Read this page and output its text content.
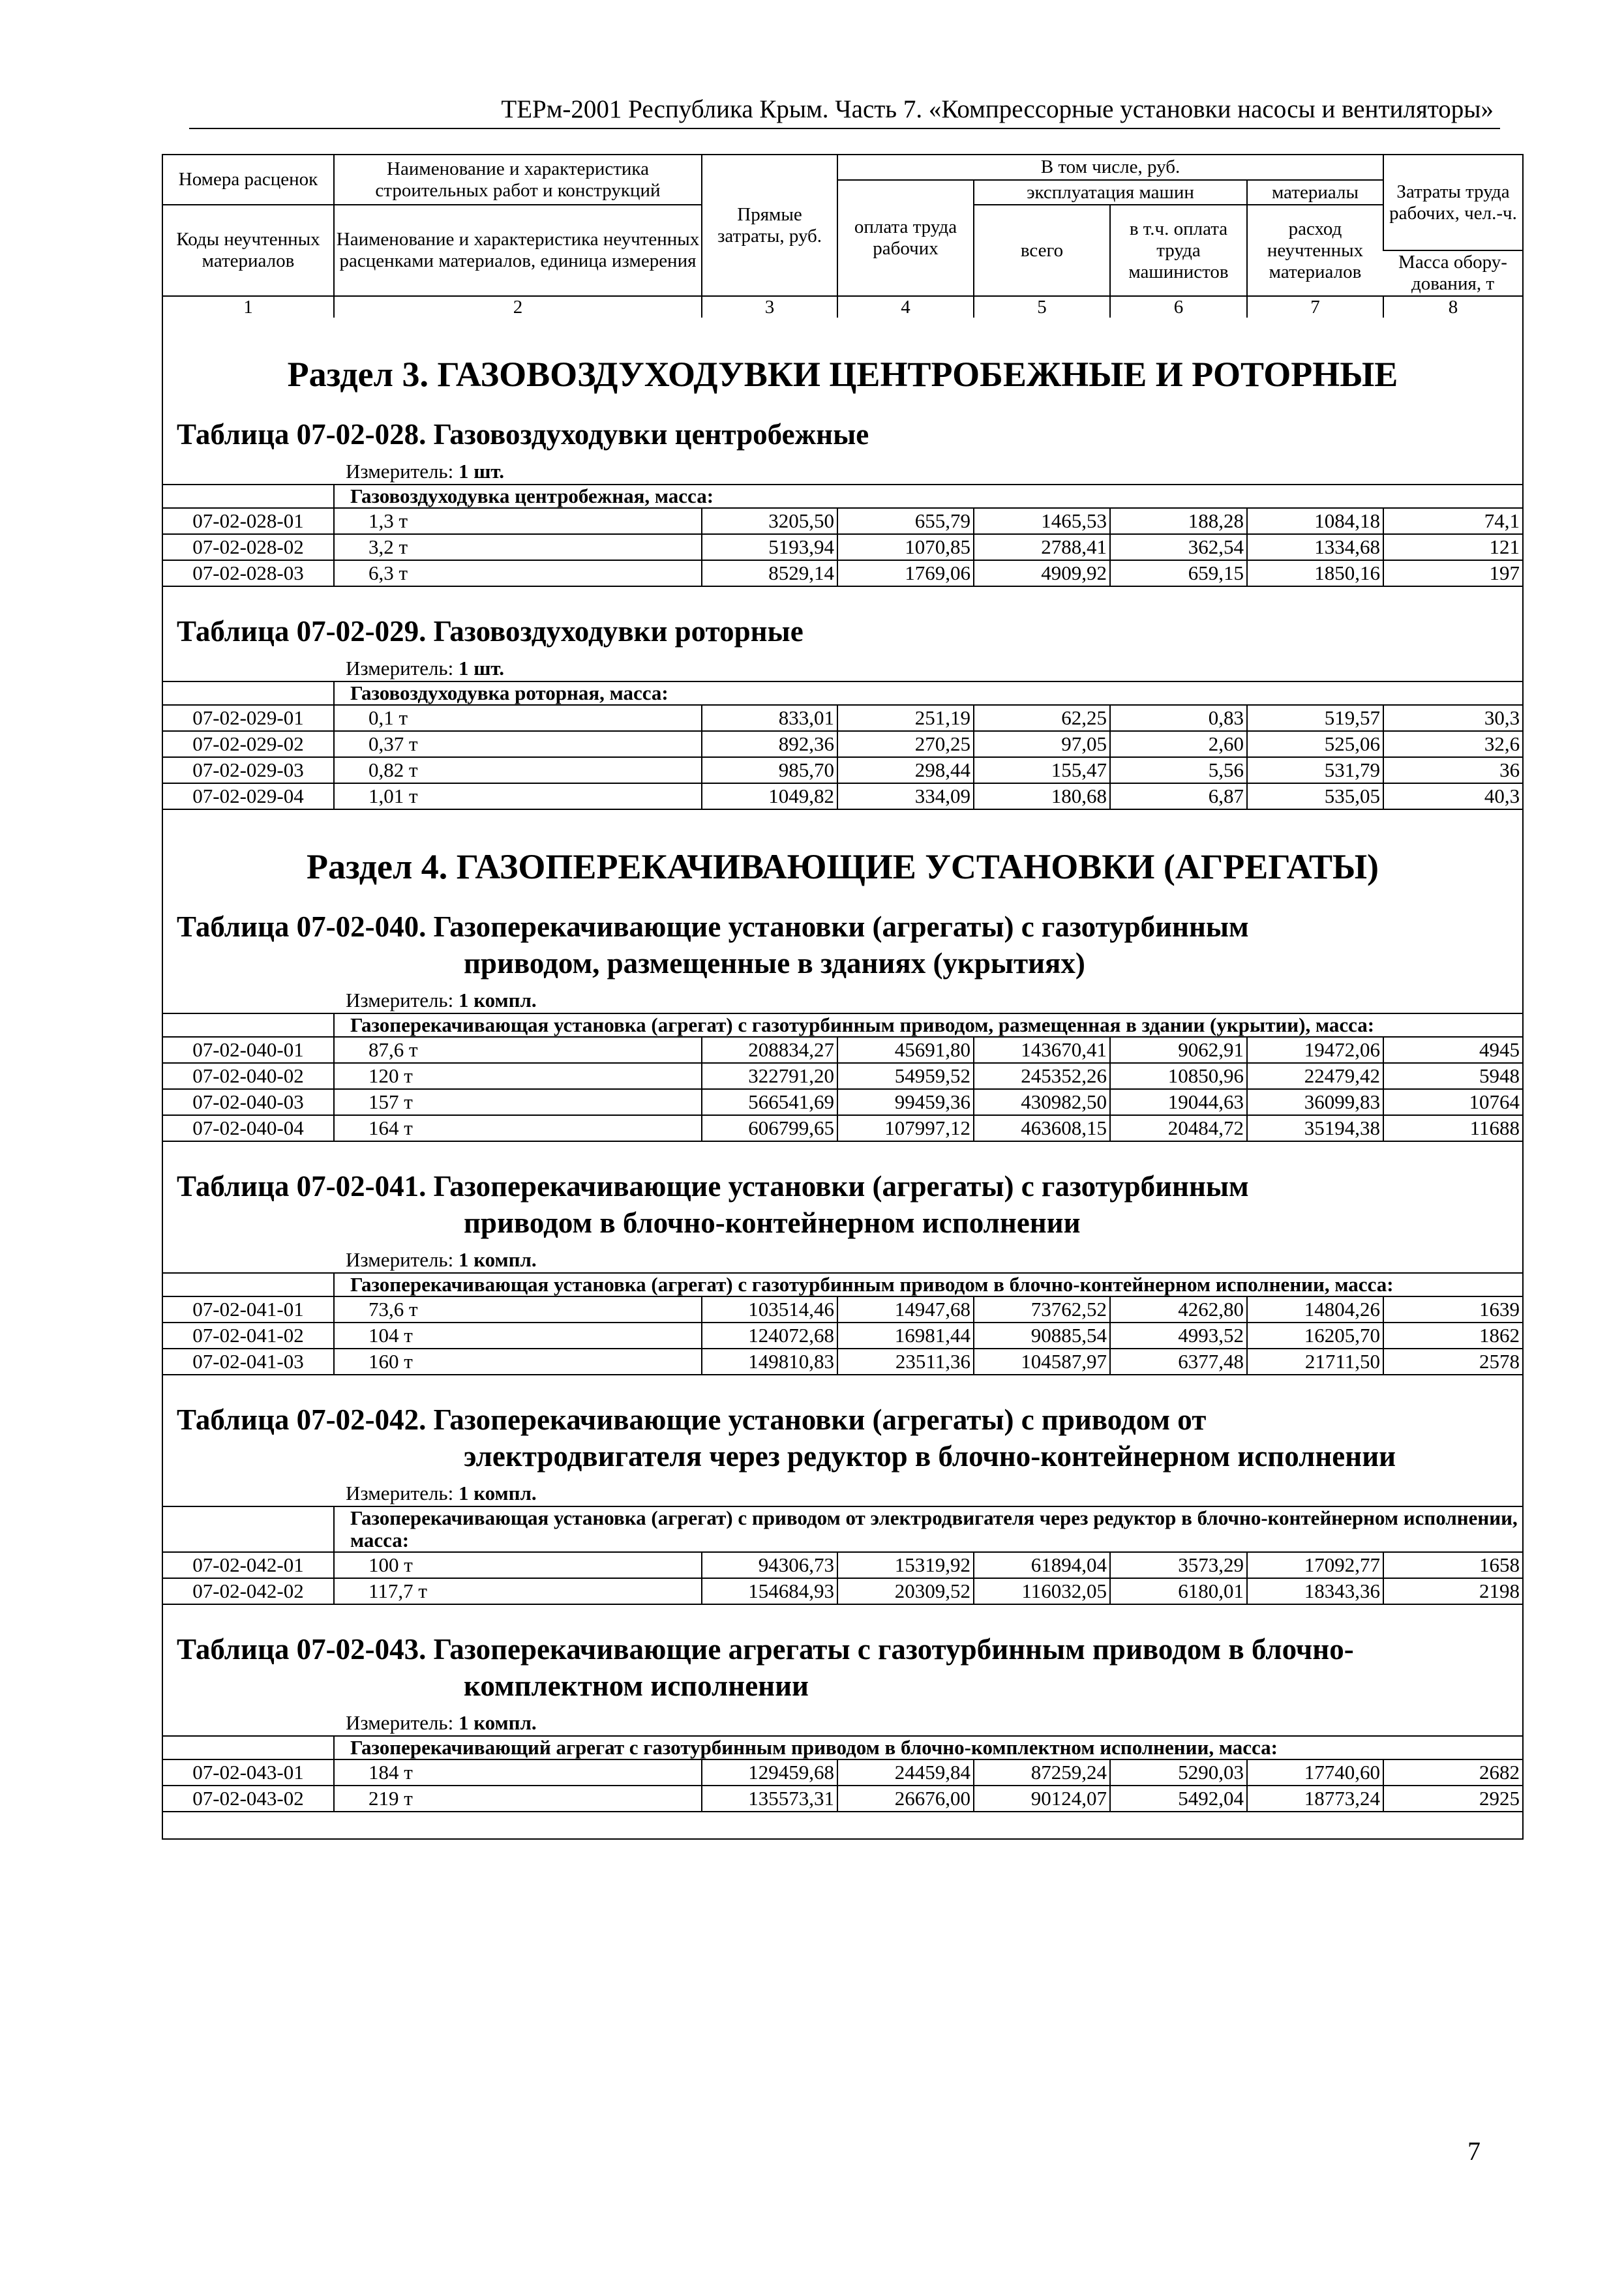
ТЕРм-2001 Республика Крым. Часть 7. «Компрессорные установки насосы и вентиляторы»
Номера расценок	Наименование и характеристика строительных работ и конструкций	Прямые затраты, руб.	В том числе, руб.				Затраты труда рабочих, чел.-ч.
			оплата труда рабочих	эксплуатация машин		материалы	
Коды неучтенных материалов	Наименование и характеристика неучтенных расценками материалов, единица измерения			всего	в т.ч. оплата труда машинистов	расход неучтенных материалов	
							Масса обору-дования, т
1	2	3	4	5	6	7	8
Раздел 3. ГАЗОВОЗДУХОДУВКИ ЦЕНТРОБЕЖНЫЕ И РОТОРНЫЕ
Таблица 07-02-028. Газовоздуходувки центробежные
Измеритель: 1 шт.
	Газовоздуходувка центробежная, масса:						
07-02-028-01	1,3 т	3205,50	655,79	1465,53	188,28	1084,18	74,1
07-02-028-02	3,2 т	5193,94	1070,85	2788,41	362,54	1334,68	121
07-02-028-03	6,3 т	8529,14	1769,06	4909,92	659,15	1850,16	197
Таблица 07-02-029. Газовоздуходувки роторные
Измеритель: 1 шт.
	Газовоздуходувка роторная, масса:						
07-02-029-01	0,1 т	833,01	251,19	62,25	0,83	519,57	30,3
07-02-029-02	0,37 т	892,36	270,25	97,05	2,60	525,06	32,6
07-02-029-03	0,82 т	985,70	298,44	155,47	5,56	531,79	36
07-02-029-04	1,01 т	1049,82	334,09	180,68	6,87	535,05	40,3
Раздел 4. ГАЗОПЕРЕКАЧИВАЮЩИЕ УСТАНОВКИ (АГРЕГАТЫ)
Таблица 07-02-040. Газоперекачивающие установки (агрегаты) с газотурбинным
приводом, размещенные в зданиях (укрытиях)
Измеритель: 1 компл.
	Газоперекачивающая установка (агрегат) с газотурбинным приводом, размещенная в здании (укрытии), масса:						
07-02-040-01	87,6 т	208834,27	45691,80	143670,41	9062,91	19472,06	4945
07-02-040-02	120 т	322791,20	54959,52	245352,26	10850,96	22479,42	5948
07-02-040-03	157 т	566541,69	99459,36	430982,50	19044,63	36099,83	10764
07-02-040-04	164 т	606799,65	107997,12	463608,15	20484,72	35194,38	11688
Таблица 07-02-041. Газоперекачивающие установки (агрегаты) с газотурбинным
приводом в блочно-контейнерном исполнении
Измеритель: 1 компл.
	Газоперекачивающая установка (агрегат) с газотурбинным приводом в блочно-контейнерном исполнении, масса:						
07-02-041-01	73,6 т	103514,46	14947,68	73762,52	4262,80	14804,26	1639
07-02-041-02	104 т	124072,68	16981,44	90885,54	4993,52	16205,70	1862
07-02-041-03	160 т	149810,83	23511,36	104587,97	6377,48	21711,50	2578
Таблица 07-02-042. Газоперекачивающие установки (агрегаты) с приводом от
электродвигателя через редуктор в блочно-контейнерном исполнении
Измеритель: 1 компл.
	Газоперекачивающая установка (агрегат) с приводом от электродвигателя через редуктор в блочно-контейнерном исполнении, масса:						
07-02-042-01	100 т	94306,73	15319,92	61894,04	3573,29	17092,77	1658
07-02-042-02	117,7 т	154684,93	20309,52	116032,05	6180,01	18343,36	2198
Таблица 07-02-043. Газоперекачивающие агрегаты с газотурбинным приводом в блочно-
комплектном исполнении
Измеритель: 1 компл.
	Газоперекачивающий агрегат с газотурбинным приводом в блочно-комплектном исполнении, масса:						
07-02-043-01	184 т	129459,68	24459,84	87259,24	5290,03	17740,60	2682
07-02-043-02	219 т	135573,31	26676,00	90124,07	5492,04	18773,24	2925
7
